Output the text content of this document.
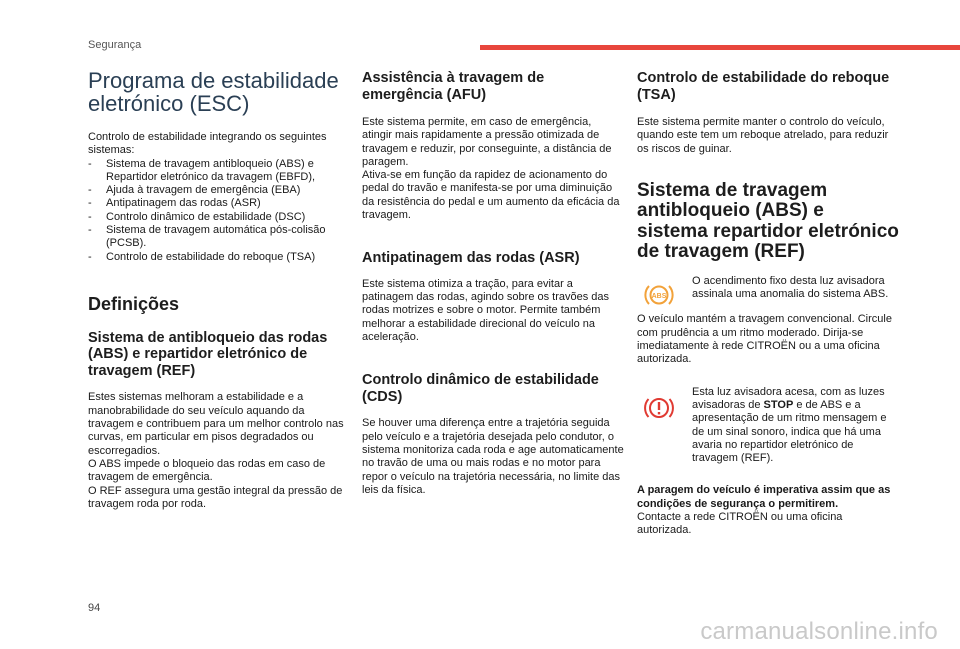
Segurança
Programa de estabilidade
eletrónico (ESC)

Controlo de estabilidade integrando os seguintes sistemas:

- Sistema de travagem antibloqueio (ABS) e Repartidor eletrónico da travagem (EBFD),
- Ajuda à travagem de emergência (EBA)
- Antipatinagem das rodas (ASR)
- Controlo dinâmico de estabilidade (DSC)
- Sistema de travagem automática pós-colisão (PCSB).
- Controlo de estabilidade do reboque (TSA)
Definições
Sistema de antibloqueio das rodas (ABS) e repartidor eletrónico de travagem (REF)

Estes sistemas melhoram a estabilidade e a manobrabilidade do seu veículo aquando da travagem e contribuem para um melhor controlo nas curvas, em particular em pisos degradados ou escorregadios.

O ABS impede o bloqueio das rodas em caso de travagem de emergência.

O REF assegura uma gestão integral da pressão de travagem roda por roda.

Assistência à travagem de emergência (AFU)

Este sistema permite, em caso de emergência, atingir mais rapidamente a pressão otimizada de travagem e reduzir, por conseguinte, a distância de paragem.

Ativa-se em função da rapidez de acionamento do pedal do travão e manifesta-se por uma diminuição da resistência do pedal e um aumento da eficácia da travagem.

Antipatinagem das rodas (ASR)

Este sistema otimiza a tração, para evitar a patinagem das rodas, agindo sobre os travões das rodas motrizes e sobre o motor. Permite também melhorar a estabilidade direcional do veículo na aceleração.

Controlo dinâmico de estabilidade (CDS)

Se houver uma diferença entre a trajetória seguida pelo veículo e a trajetória desejada pelo condutor, o sistema monitoriza cada roda e age automaticamente no travão de uma ou mais rodas e no motor para repor o veículo na trajetória necessária, no limite das leis da física.

Controlo de estabilidade do reboque (TSA)

Este sistema permite manter o controlo do veículo, quando este tem um reboque atrelado, para reduzir os riscos de guinar.

Sistema de travagem antibloqueio (ABS) e sistema repartidor eletrónico de travagem (REF)
ABS

O acendimento fixo desta luz avisadora assinala uma anomalia do sistema ABS.

O veículo mantém a travagem convencional. Circule com prudência a um ritmo moderado. Dirija-se imediatamente à rede CITROËN ou a uma oficina autorizada.

Esta luz avisadora acesa, com as luzes avisadoras de STOP e de ABS e a apresentação de um ritmo mensagem e de um sinal sonoro, indica que há uma avaria no repartidor eletrónico de travagem (REF).

A paragem do veículo é imperativa assim que as condições de segurança o permitirem.

Contacte a rede CITROËN ou uma oficina autorizada.

94
carmanualsonline.info
